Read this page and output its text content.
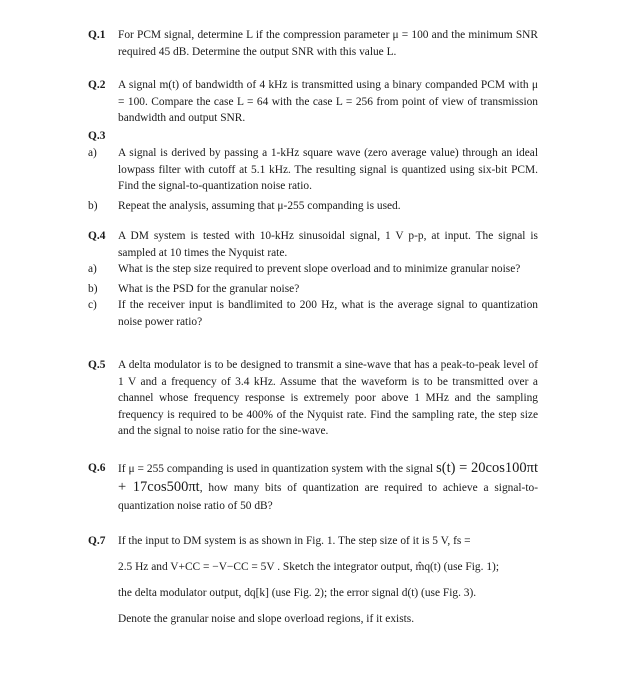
Q.1	For PCM signal, determine L if the compression parameter μ = 100 and the minimum SNR required 45 dB. Determine the output SNR with this value L.
Q.2	A signal m(t) of bandwidth of 4 kHz is transmitted using a binary companded PCM with μ = 100. Compare the case L = 64 with the case L = 256 from point of view of transmission bandwidth and output SNR.
Q.3
a)	A signal is derived by passing a 1-kHz square wave (zero average value) through an ideal lowpass filter with cutoff at 5.1 kHz. The resulting signal is quantized using six-bit PCM. Find the signal-to-quantization noise ratio.
b)	Repeat the analysis, assuming that μ-255 companding is used.
Q.4	A DM system is tested with 10-kHz sinusoidal signal, 1 V p-p, at input. The signal is sampled at 10 times the Nyquist rate.
a)	What is the step size required to prevent slope overload and to minimize granular noise?
b)	What is the PSD for the granular noise?
c)	If the receiver input is bandlimited to 200 Hz, what is the average signal to quantization noise power ratio?
Q.5	A delta modulator is to be designed to transmit a sine-wave that has a peak-to-peak level of 1 V and a frequency of 3.4 kHz. Assume that the waveform is to be transmitted over a channel whose frequency response is extremely poor above 1 MHz and the sampling frequency is required to be 400% of the Nyquist rate. Find the sampling rate, the step size and the signal to noise ratio for the sine-wave.
Q.6	If μ = 255 companding is used in quantization system with the signal s(t) = 20cos100πt + 17cos500πt, how many bits of quantization are required to achieve a signal-to-quantization noise ratio of 50 dB?
Q.7	If the input to DM system is as shown in Fig. 1. The step size of it is 5 V, fs =
2.5 Hz and V+CC = −V−CC = 5V . Sketch the integrator output, m̂q(t) (use Fig. 1);
the delta modulator output, dq[k] (use Fig. 2); the error signal d(t) (use Fig. 3).
Denote the granular noise and slope overload regions, if it exists.
